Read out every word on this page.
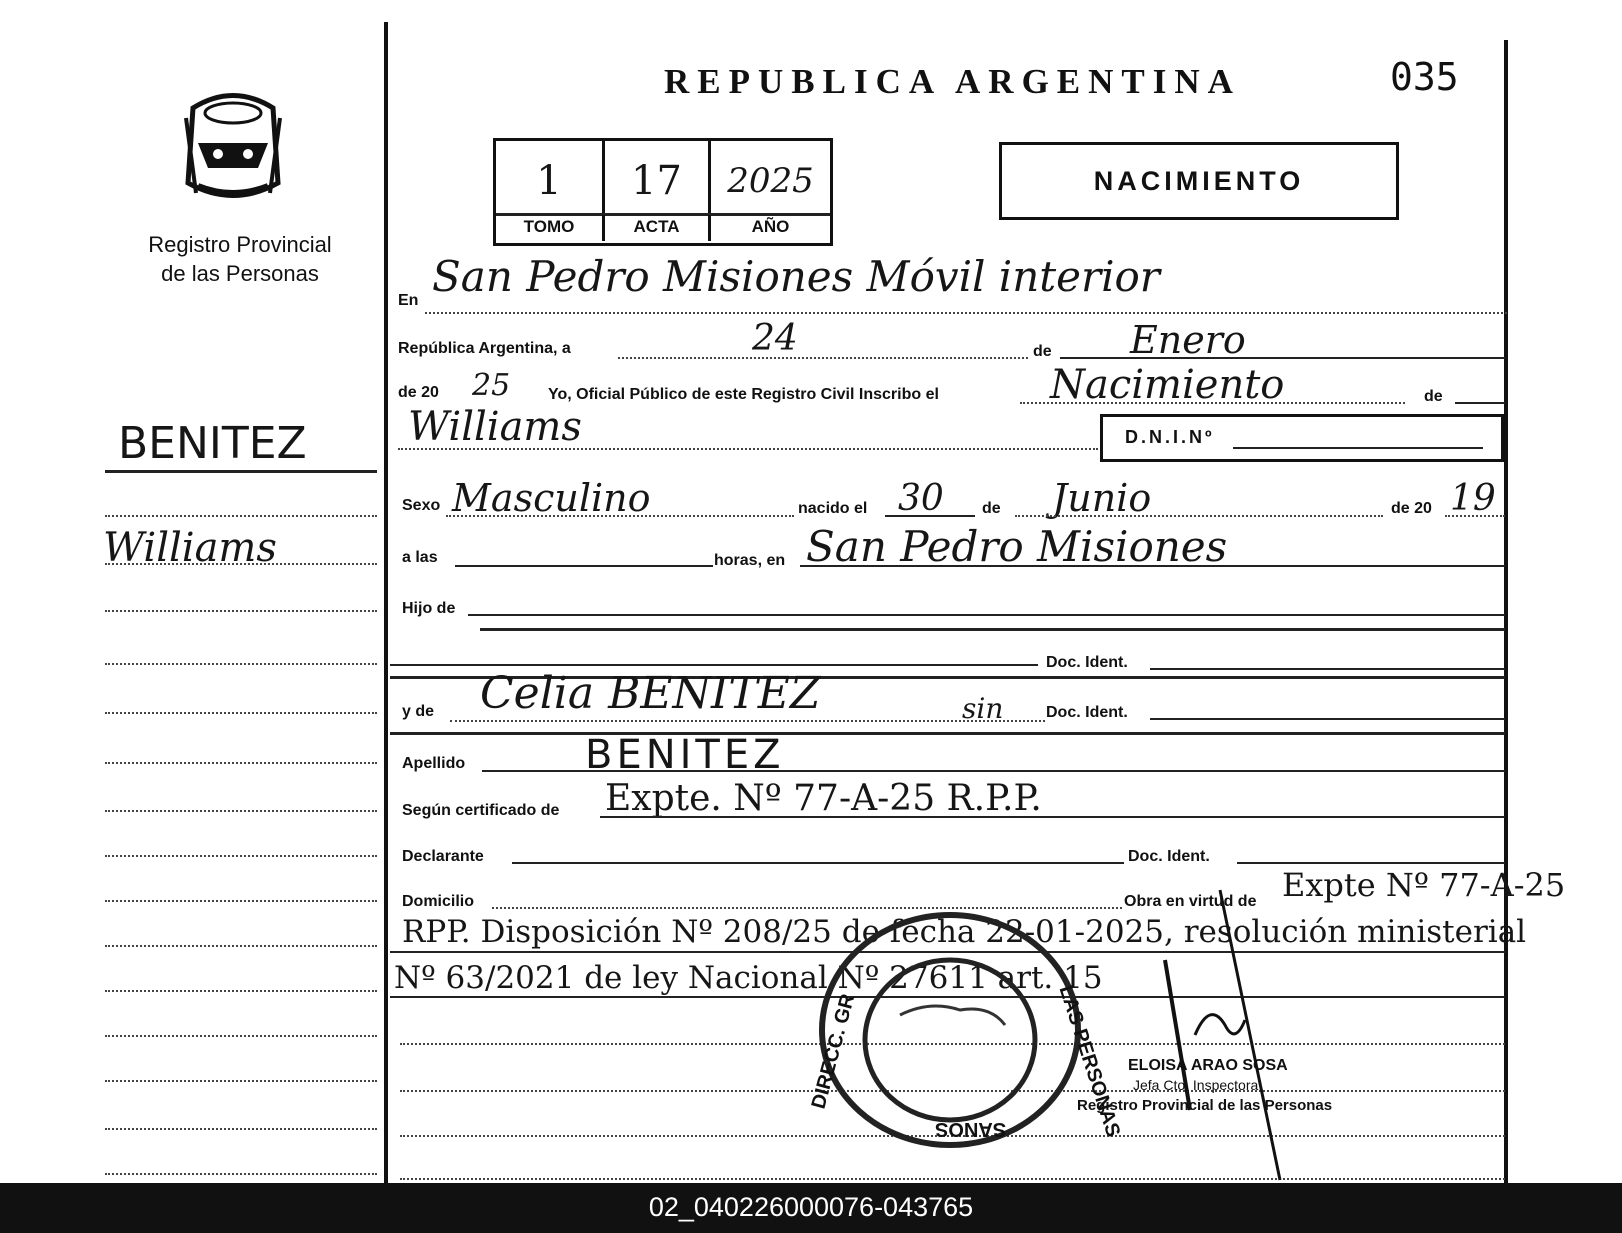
Registro Provincial
de las Personas
BENITEZ
Williams
REPUBLICA ARGENTINA	035
1	17	2025
TOMO	ACTA	AÑO
NACIMIENTO
En San Pedro Misiones Móvil interior
República Argentina, a	24	de Enero
de 20 25 Yo, Oficial Público de este Registro Civil Inscribo el	Nacimiento	de
Williams	D.N.I.Nº
Sexo Masculino	nacido el 30 de Junio	de 20 19
a las	horas, en San Pedro Misiones
Hijo de
Doc. Ident.
y de Celia BENITEZ	sin	Doc. Ident.
Apellido	BENITEZ
Según certificado de Expte. Nº 77-A-25 R.P.P.
Declarante	Doc. Ident.
Domicilio	Obra en virtud de Expte Nº 77-A-25
RPP. Disposición Nº 208/25 de fecha 22-01-2025, resolución ministerial
Nº 63/2021 de ley Nacional Nº 27611 art. 15
DIRECC. GR	LAS PERSONAS
SANOS
ELOISA ARAO SOSA
Jefa Cto. Inspectora
Registro Provincial de las Personas
02_040226000076-043765
